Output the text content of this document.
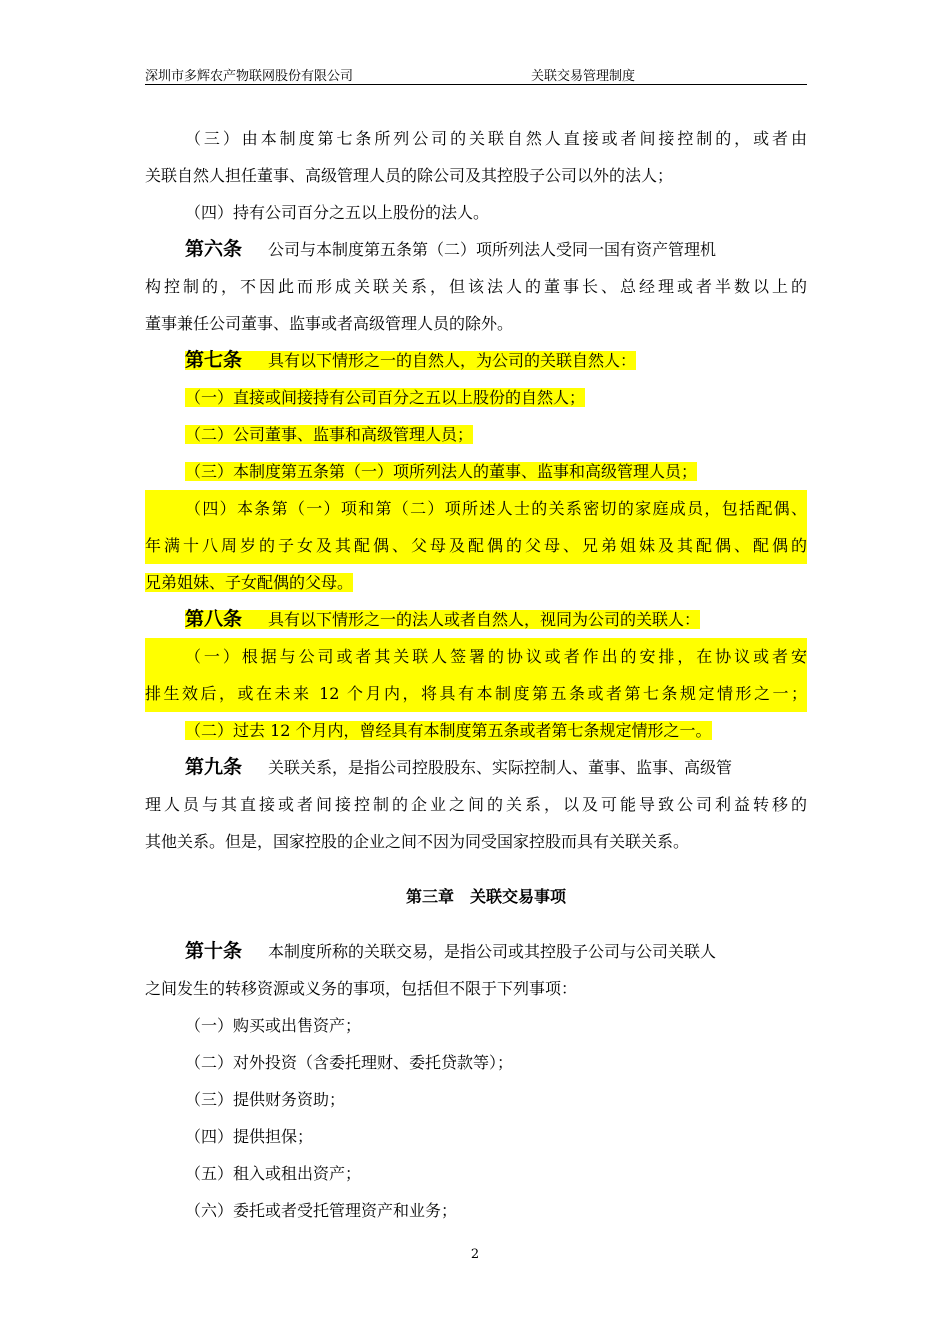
深圳市多辉农产物联网股份有限公司	关联交易管理制度
（三）由本制度第七条所列公司的关联自然人直接或者间接控制的，或者由
关联自然人担任董事、高级管理人员的除公司及其控股子公司以外的法人；
（四）持有公司百分之五以上股份的法人。
第六条 公司与本制度第五条第（二）项所列法人受同一国有资产管理机
构控制的，不因此而形成关联关系，但该法人的董事长、总经理或者半数以上的
董事兼任公司董事、监事或者高级管理人员的除外。
第七条 具有以下情形之一的自然人，为公司的关联自然人：
（一）直接或间接持有公司百分之五以上股份的自然人；
（二）公司董事、监事和高级管理人员；
（三）本制度第五条第（一）项所列法人的董事、监事和高级管理人员；
（四）本条第（一）项和第（二）项所述人士的关系密切的家庭成员，包括配偶、
年满十八周岁的子女及其配偶、父母及配偶的父母、兄弟姐妹及其配偶、配偶的
兄弟姐妹、子女配偶的父母。
第八条 具有以下情形之一的法人或者自然人，视同为公司的关联人：
（一）根据与公司或者其关联人签署的协议或者作出的安排，在协议或者安
排生效后，或在未来 12 个月内，将具有本制度第五条或者第七条规定情形之一；
（二）过去 12 个月内，曾经具有本制度第五条或者第七条规定情形之一。
第九条 关联关系，是指公司控股股东、实际控制人、董事、监事、高级管
理人员与其直接或者间接控制的企业之间的关系，以及可能导致公司利益转移的
其他关系。但是，国家控股的企业之间不因为同受国家控股而具有关联关系。
第三章　关联交易事项
第十条 本制度所称的关联交易，是指公司或其控股子公司与公司关联人
之间发生的转移资源或义务的事项，包括但不限于下列事项：
（一）购买或出售资产；
（二）对外投资（含委托理财、委托贷款等）；
（三）提供财务资助；
（四）提供担保；
（五）租入或租出资产；
（六）委托或者受托管理资产和业务；
2
